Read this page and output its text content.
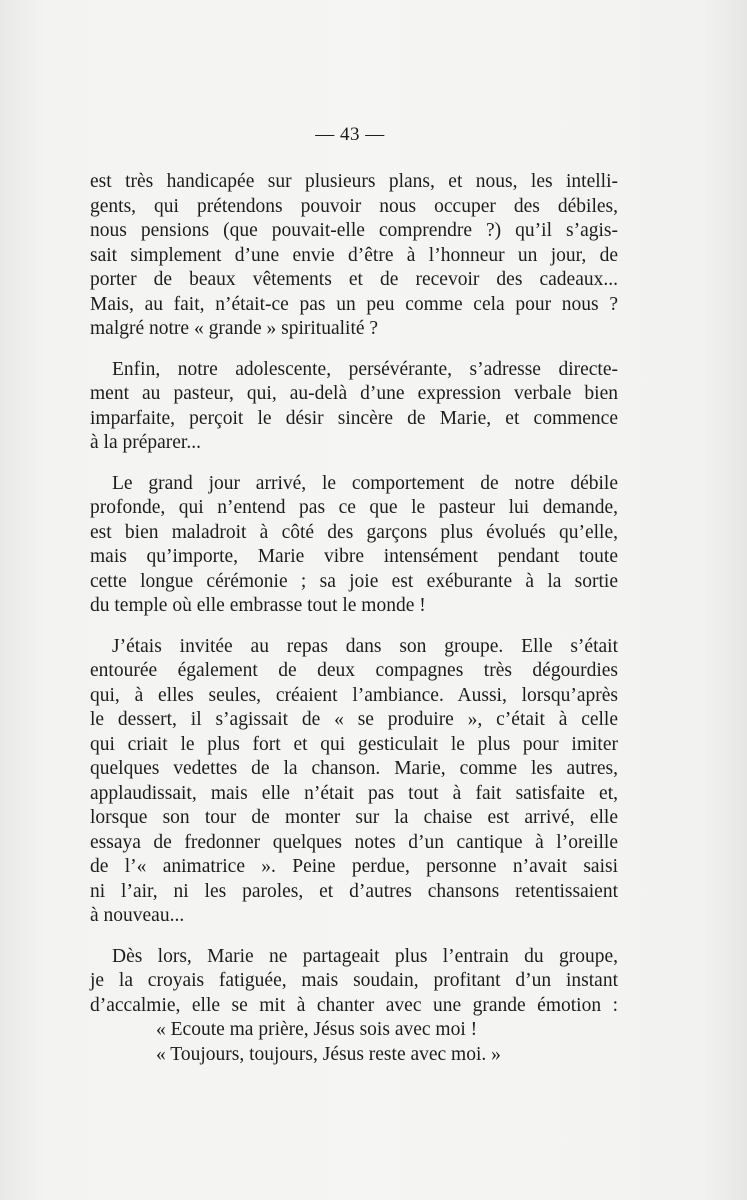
— 43 —
est très handicapée sur plusieurs plans, et nous, les intelli-
gents, qui prétendons pouvoir nous occuper des débiles,
nous pensions (que pouvait-elle comprendre ?) qu’il s’agis-
sait simplement d’une envie d’être à l’honneur un jour, de
porter de beaux vêtements et de recevoir des cadeaux...
Mais, au fait, n’était-ce pas un peu comme cela pour nous ?
malgré notre « grande » spiritualité ?
Enfin, notre adolescente, persévérante, s’adresse directe-
ment au pasteur, qui, au-delà d’une expression verbale bien
imparfaite, perçoit le désir sincère de Marie, et commence
à la préparer...
Le grand jour arrivé, le comportement de notre débile
profonde, qui n’entend pas ce que le pasteur lui demande,
est bien maladroit à côté des garçons plus évolués qu’elle,
mais qu’importe, Marie vibre intensément pendant toute
cette longue cérémonie ; sa joie est exéburante à la sortie
du temple où elle embrasse tout le monde !
J’étais invitée au repas dans son groupe. Elle s’était
entourée également de deux compagnes très dégourdies
qui, à elles seules, créaient l’ambiance. Aussi, lorsqu’après
le dessert, il s’agissait de « se produire », c’était à celle
qui criait le plus fort et qui gesticulait le plus pour imiter
quelques vedettes de la chanson. Marie, comme les autres,
applaudissait, mais elle n’était pas tout à fait satisfaite et,
lorsque son tour de monter sur la chaise est arrivé, elle
essaya de fredonner quelques notes d’un cantique à l’oreille
de l’« animatrice ». Peine perdue, personne n’avait saisi
ni l’air, ni les paroles, et d’autres chansons retentissaient
à nouveau...
Dès lors, Marie ne partageait plus l’entrain du groupe,
je la croyais fatiguée, mais soudain, profitant d’un instant
d’accalmie, elle se mit à chanter avec une grande émotion :
« Ecoute ma prière, Jésus sois avec moi !
« Toujours, toujours, Jésus reste avec moi. »
